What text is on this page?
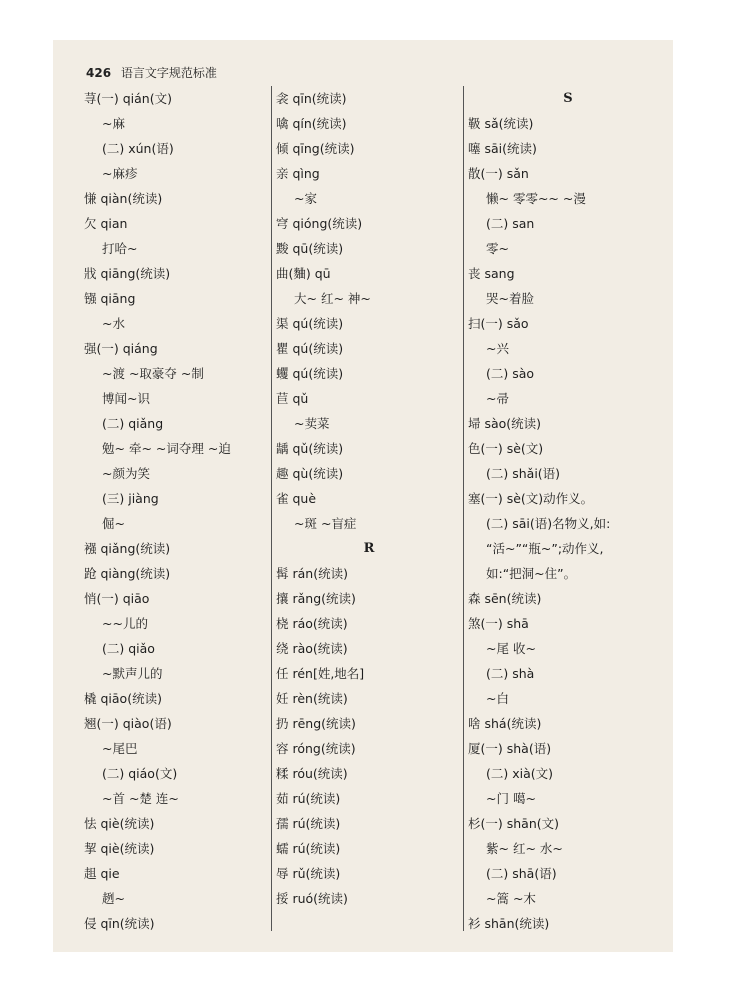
426 语言文字规范标准
荨(一) qián(文)
~麻
(二) xún(语)
~麻疹
慊 qiàn(统读)
欠 qian
打哈~
戕 qiāng(统读)
镪 qiāng
~水
强(一) qiáng
~渡 ~取豪夺 ~制
博闻~识
(二) qiǎng
勉~ 牵~ ~词夺理 ~迫
~颜为笑
(三) jiàng
倔~
襁 qiǎng(统读)
跄 qiàng(统读)
悄(一) qiāo
~~儿的
(二) qiǎo
~默声儿的
橇 qiāo(统读)
翘(一) qiào(语)
~尾巴
(二) qiáo(文)
~首 ~楚 连~
怯 qiè(统读)
挈 qiè(统读)
趄 qie
趔~
侵 qīn(统读)
衾 qīn(统读)
噙 qín(统读)
倾 qīng(统读)
亲 qìng
~家
穹 qióng(统读)
黢 qū(统读)
曲(麯) qū
大~ 红~ 神~
渠 qú(统读)
瞿 qú(统读)
蠼 qú(统读)
苣 qǔ
~荬菜
龋 qǔ(统读)
趣 qù(统读)
雀 què
~斑 ~盲症
R
髯 rán(统读)
攘 rǎng(统读)
桡 ráo(统读)
绕 rào(统读)
任 rén[姓,地名]
妊 rèn(统读)
扔 rēng(统读)
容 róng(统读)
糅 róu(统读)
茹 rú(统读)
孺 rú(统读)
蠕 rú(统读)
辱 rǔ(统读)
挼 ruó(统读)
S
靸 sǎ(统读)
噻 sāi(统读)
散(一) sǎn
懒~ 零零~~ ~漫
(二) san
零~
丧 sang
哭~着脸
扫(一) sǎo
~兴
(二) sào
~帚
埽 sào(统读)
色(一) sè(文)
(二) shǎi(语)
塞(一) sè(文)动作义。
(二) sāi(语)名物义,如:
“活~”“瓶~”;动作义,
如:“把洞~住”。
森 sēn(统读)
煞(一) shā
~尾 收~
(二) shà
~白
啥 shá(统读)
厦(一) shà(语)
(二) xià(文)
~门 噶~
杉(一) shān(文)
紫~ 红~ 水~
(二) shā(语)
~篙 ~木
衫 shān(统读)
